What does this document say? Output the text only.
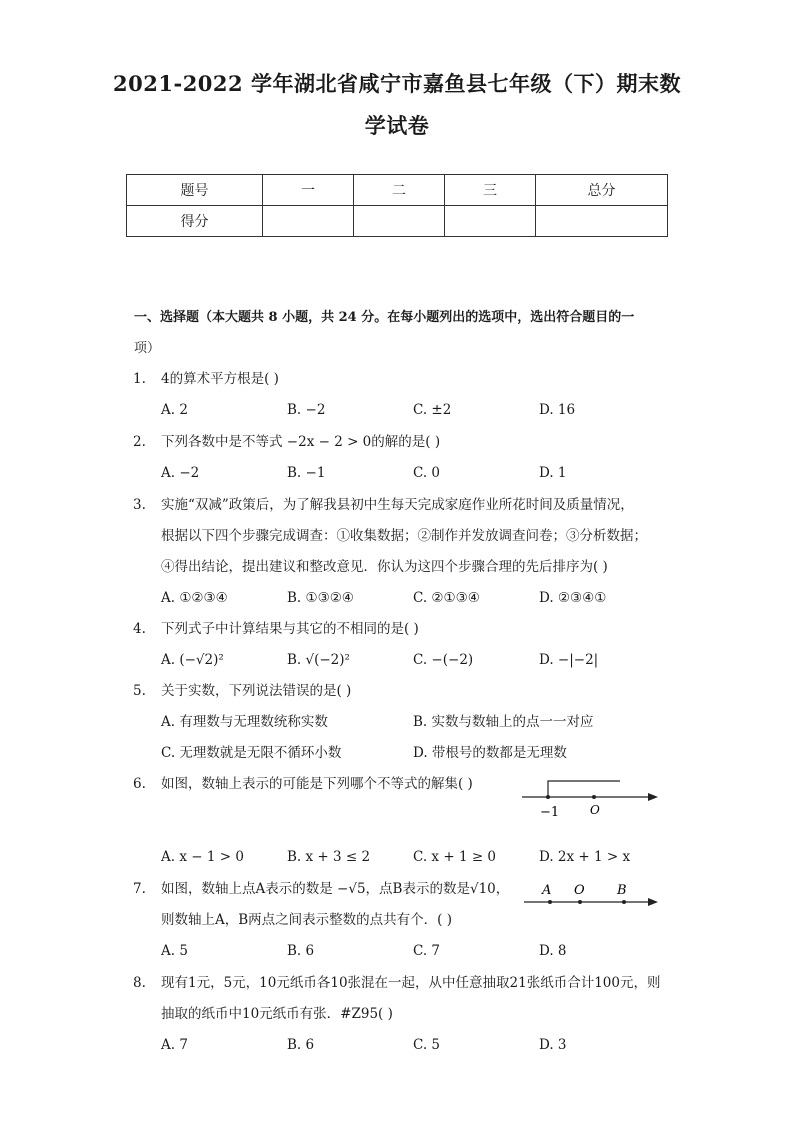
2021-2022 学年湖北省咸宁市嘉鱼县七年级（下）期末数
学试卷
题号	一	二	三	总分
得分				
一、选择题（本大题共 8 小题，共 24 分。在每小题列出的选项中，选出符合题目的一
项）
1. 4的算术平方根是( )
A. 2	B. −2	C. ±2	D. 16
2. 下列各数中是不等式 −2x − 2 > 0的解的是( )
A. −2	B. −1	C. 0	D. 1
3. 实施“双减”政策后，为了解我县初中生每天完成家庭作业所花时间及质量情况，
根据以下四个步骤完成调查：①收集数据；②制作并发放调查问卷；③分析数据；
④得出结论，提出建议和整改意见．你认为这四个步骤合理的先后排序为( )
A. ①②③④	B. ①③②④	C. ②①③④	D. ②③④①
4. 下列式子中计算结果与其它的不相同的是( )
A. (−√2)²	B. √(−2)²	C. −(−2)	D. −|−2|
5. 关于实数，下列说法错误的是( )
A. 有理数与无理数统称实数	B. 实数与数轴上的点一一对应
C. 无理数就是无限不循环小数	D. 带根号的数都是无理数
6. 如图，数轴上表示的可能是下列哪个不等式的解集( )
−1	O
A. x − 1 > 0	B. x + 3 ≤ 2	C. x + 1 ≥ 0	D. 2x + 1 > x
7. 如图，数轴上点A表示的数是 −√5，点B表示的数是√10，	A O B
则数轴上A，B两点之间表示整数的点共有个．( )
A. 5	B. 6	C. 7	D. 8
8. 现有1元，5元，10元纸币各10张混在一起，从中任意抽取21张纸币合计100元，则
抽取的纸币中10元纸币有张．#Z95( )
A. 7	B. 6	C. 5	D. 3
